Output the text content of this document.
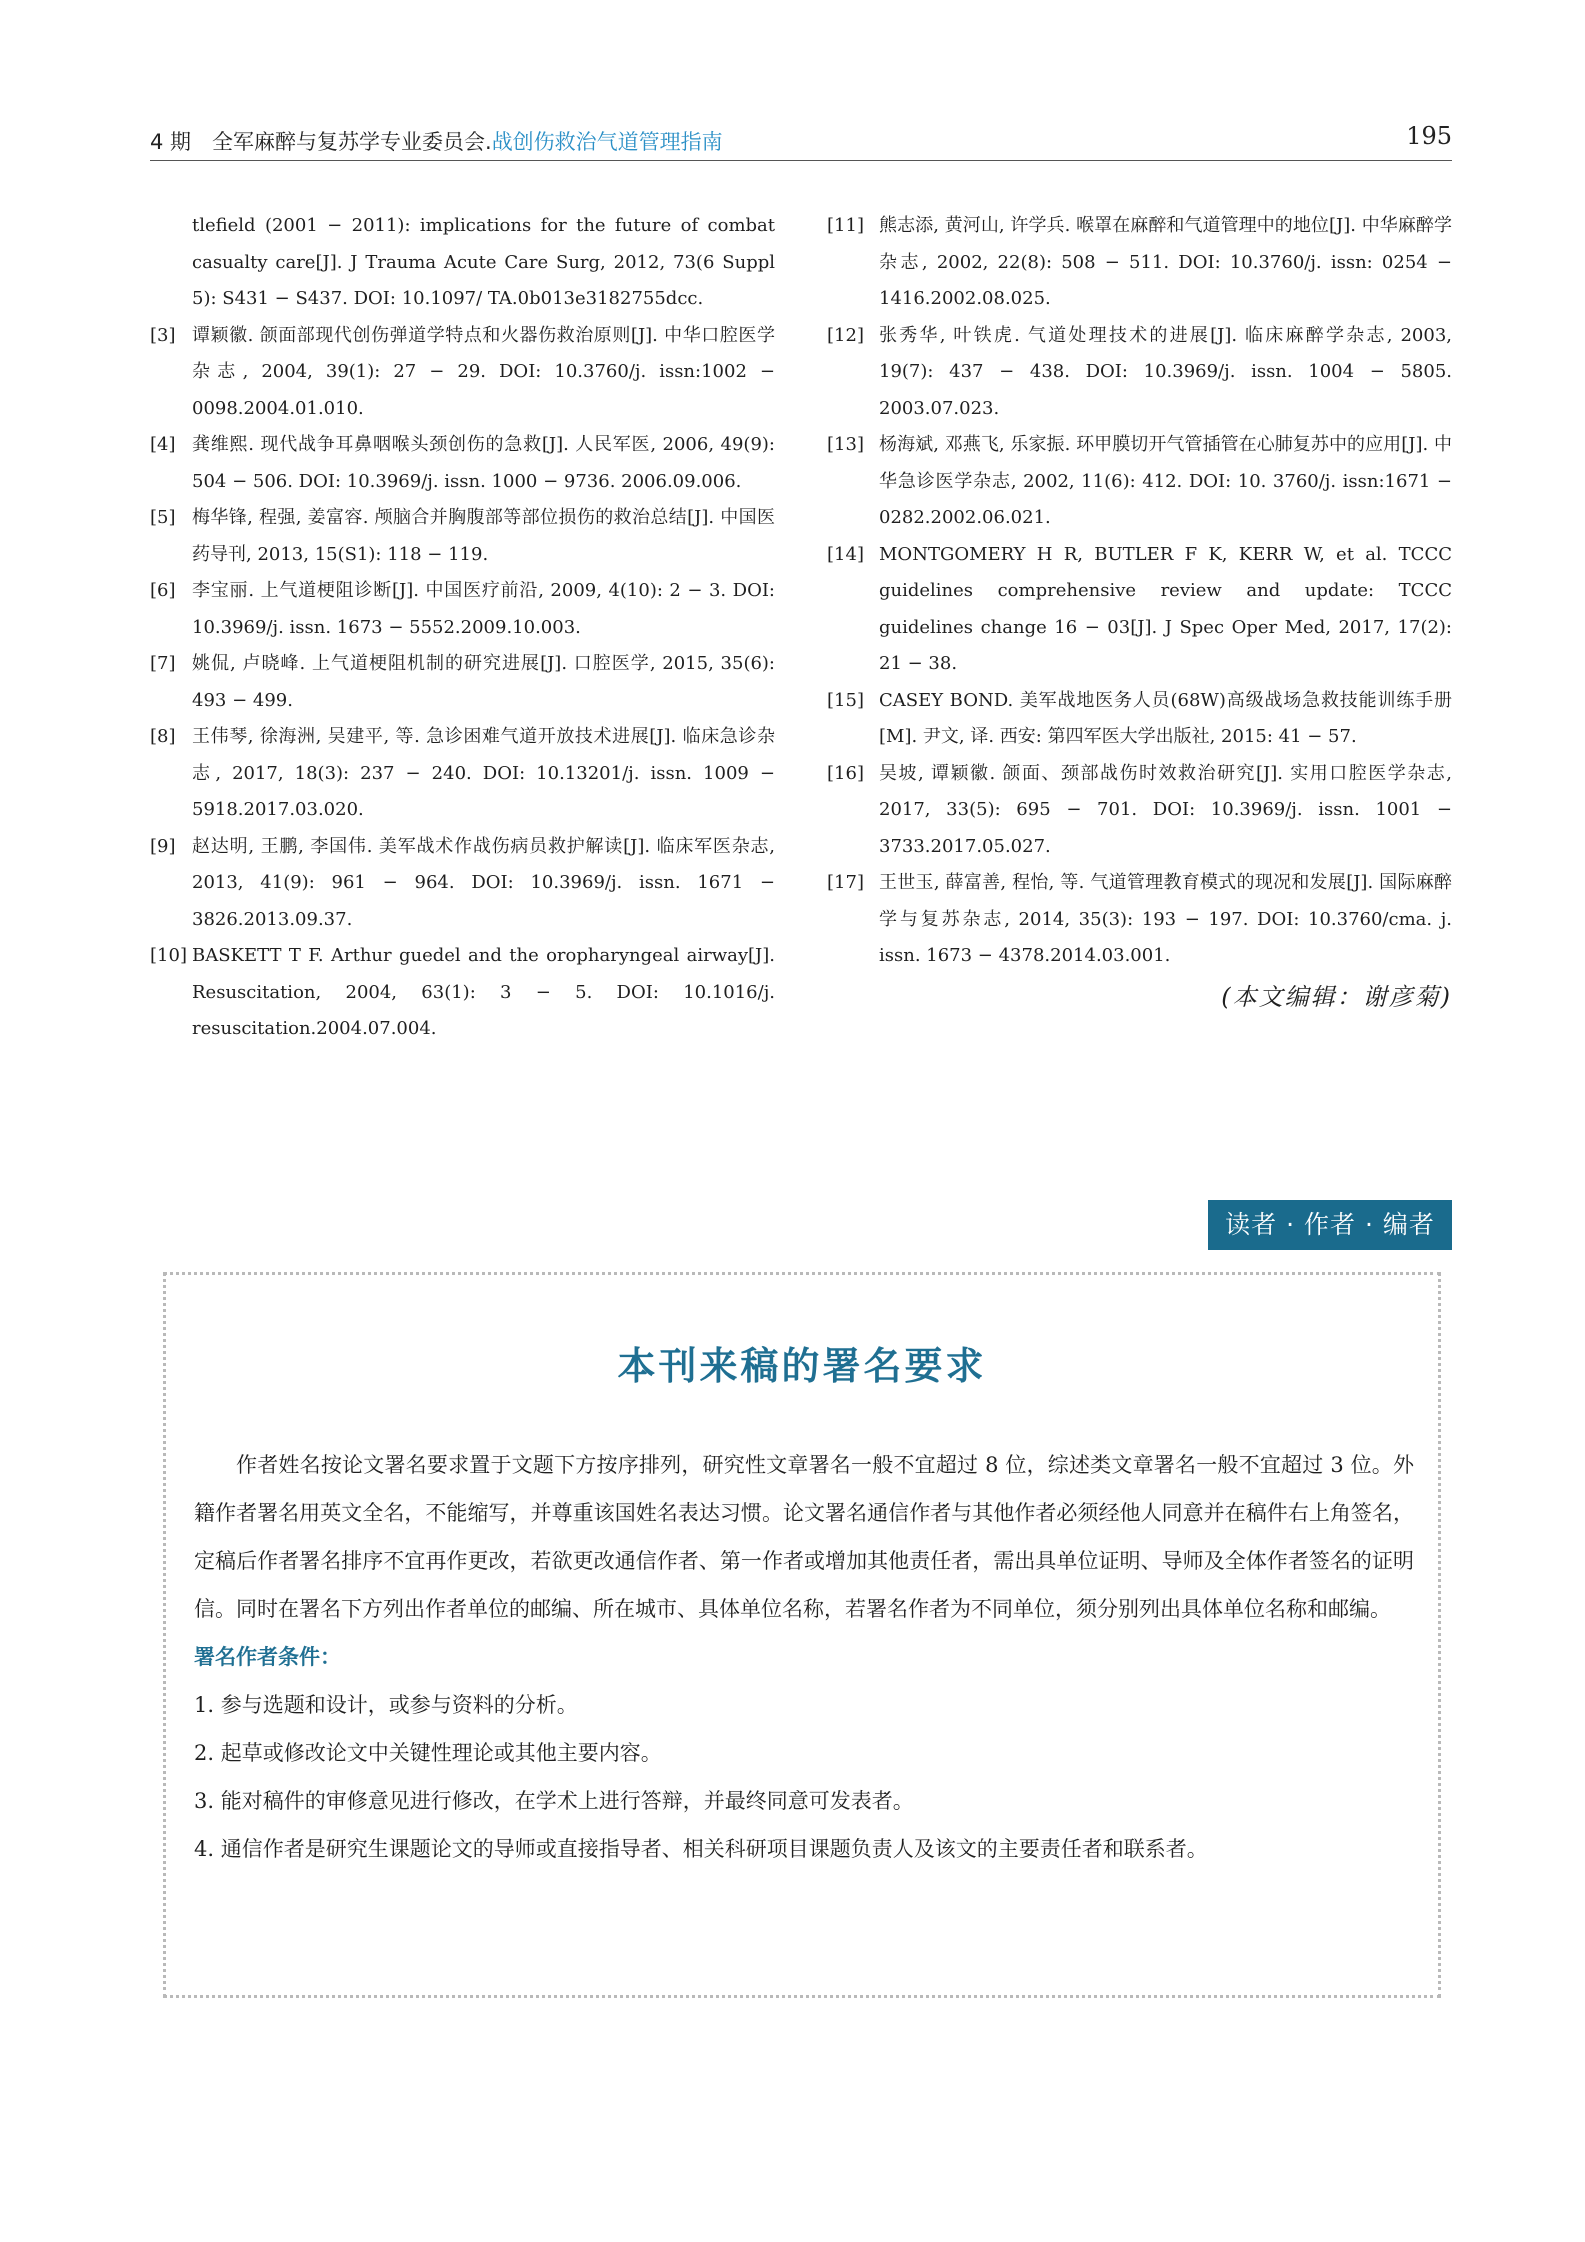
4 期 全军麻醉与复苏学专业委员会.战创伤救治气道管理指南	195
tlefield (2001 − 2011): implications for the future of combat casualty care[J]. J Trauma Acute Care Surg, 2012, 73(6 Suppl 5): S431 − S437. DOI: 10.1097/ TA.0b013e3182755dcc.
[ 3 ]	谭颖徽. 颌面部现代创伤弹道学特点和火器伤救治原则[J]. 中华口腔医学杂志, 2004, 39(1): 27 − 29. DOI: 10.3760/j. issn:1002 − 0098.2004.01.010.
[ 4 ]	龚维熙. 现代战争耳鼻咽喉头颈创伤的急救[J]. 人民军医, 2006, 49(9): 504 − 506. DOI: 10.3969/j. issn. 1000 − 9736. 2006.09.006.
[ 5 ]	梅华锋, 程强, 姜富容. 颅脑合并胸腹部等部位损伤的救治总结[J]. 中国医药导刊, 2013, 15(S1): 118 − 119.
[ 6 ]	李宝丽. 上气道梗阻诊断[J]. 中国医疗前沿, 2009, 4(10): 2 − 3. DOI: 10.3969/j. issn. 1673 − 5552.2009.10.003.
[ 7 ]	姚侃, 卢晓峰. 上气道梗阻机制的研究进展[J]. 口腔医学, 2015, 35(6): 493 − 499.
[ 8 ]	王伟琴, 徐海洲, 吴建平, 等. 急诊困难气道开放技术进展[J]. 临床急诊杂志, 2017, 18(3): 237 − 240. DOI: 10.13201/j. issn. 1009 − 5918.2017.03.020.
[ 9 ]	赵达明, 王鹏, 李国伟. 美军战术作战伤病员救护解读[J]. 临床军医杂志, 2013, 41(9): 961 − 964. DOI: 10.3969/j. issn. 1671 − 3826.2013.09.37.
[ 10 ] BASKETT T F. Arthur guedel and the oropharyngeal airway[J]. Resuscitation, 2004, 63(1): 3 − 5. DOI: 10.1016/j. resuscitation.2004.07.004.
[ 11 ]	熊志添, 黄河山, 许学兵. 喉罩在麻醉和气道管理中的地位[J]. 中华麻醉学杂志, 2002, 22(8): 508 − 511. DOI: 10.3760/j. issn: 0254 − 1416.2002.08.025.
[ 12 ]	张秀华, 叶铁虎. 气道处理技术的进展[J]. 临床麻醉学杂志, 2003, 19(7): 437 − 438. DOI: 10.3969/j. issn. 1004 − 5805. 2003.07.023.
[ 13 ]	杨海斌, 邓燕飞, 乐家振. 环甲膜切开气管插管在心肺复苏中的应用[J]. 中华急诊医学杂志, 2002, 11(6): 412. DOI: 10. 3760/j. issn:1671 − 0282.2002.06.021.
[ 14 ]	MONTGOMERY H R, BUTLER F K, KERR W, et al. TCCC guidelines comprehensive review and update: TCCC guidelines change 16 − 03[J]. J Spec Oper Med, 2017, 17(2): 21 − 38.
[ 15 ]	CASEY BOND. 美军战地医务人员(68W)高级战场急救技能训练手册[M]. 尹文, 译. 西安: 第四军医大学出版社, 2015: 41 − 57.
[ 16 ]	吴坡, 谭颖徽. 颌面、颈部战伤时效救治研究[J]. 实用口腔医学杂志, 2017, 33(5): 695 − 701. DOI: 10.3969/j. issn. 1001 − 3733.2017.05.027.
[ 17 ]	王世玉, 薛富善, 程怡, 等. 气道管理教育模式的现况和发展[J]. 国际麻醉学与复苏杂志, 2014, 35(3): 193 − 197. DOI: 10.3760/cma. j. issn. 1673 − 4378.2014.03.001.
(本文编辑：谢彦菊)
读者 · 作者 · 编者
本刊来稿的署名要求

作者姓名按论文署名要求置于文题下方按序排列，研究性文章署名一般不宜超过 8 位，综述类文章署名一般不宜超过 3 位。外籍作者署名用英文全名，不能缩写，并尊重该国姓名表达习惯。论文署名通信作者与其他作者必须经他人同意并在稿件右上角签名，定稿后作者署名排序不宜再作更改，若欲更改通信作者、第一作者或增加其他责任者，需出具单位证明、导师及全体作者签名的证明信。同时在署名下方列出作者单位的邮编、所在城市、具体单位名称，若署名作者为不同单位，须分别列出具体单位名称和邮编。

署名作者条件：

1. 参与选题和设计，或参与资料的分析。

2. 起草或修改论文中关键性理论或其他主要内容。

3. 能对稿件的审修意见进行修改，在学术上进行答辩，并最终同意可发表者。

4. 通信作者是研究生课题论文的导师或直接指导者、相关科研项目课题负责人及该文的主要责任者和联系者。
